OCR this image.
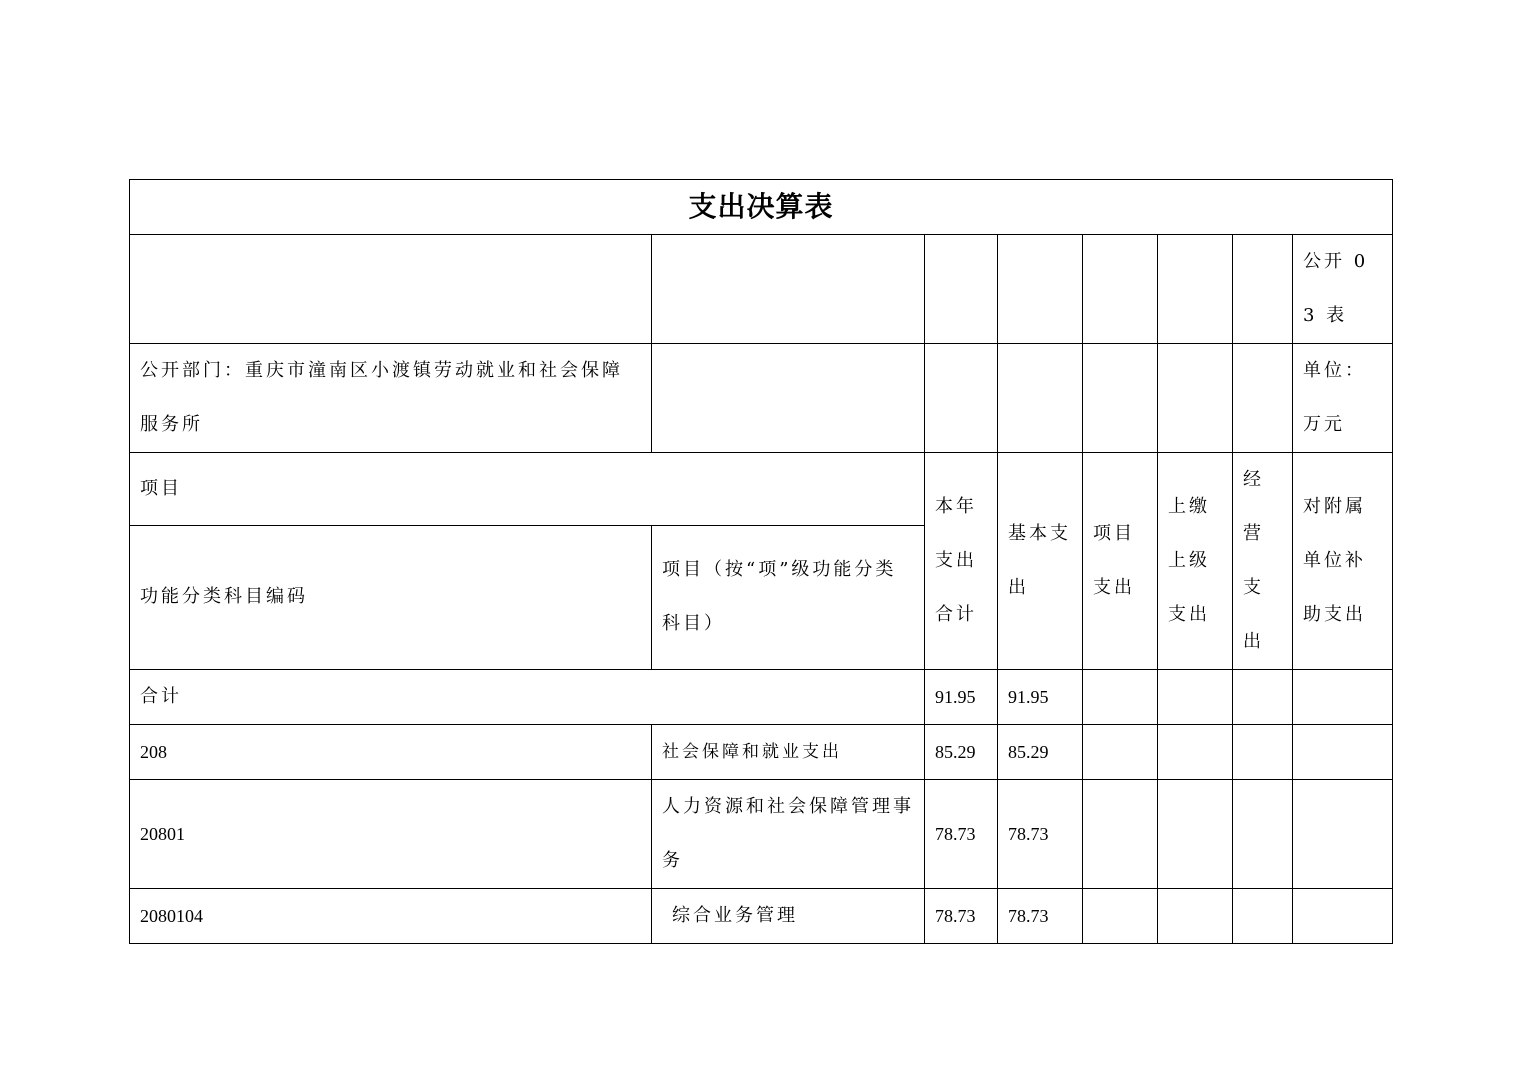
支出决算表							
							公开 03 表
公开部门：重庆市潼南区小渡镇劳动就业和社会保障服务所							单位：万元
项目		本年支出合计	基本支出	项目支出	上缴上级支出	经营支出	对附属单位补助支出
功能分类科目编码	项目（按“项”级功能分类科目）						
合计		91.95	91.95				
208	社会保障和就业支出	85.29	85.29				
20801	人力资源和社会保障管理事务	78.73	78.73				
2080104	综合业务管理	78.73	78.73				
